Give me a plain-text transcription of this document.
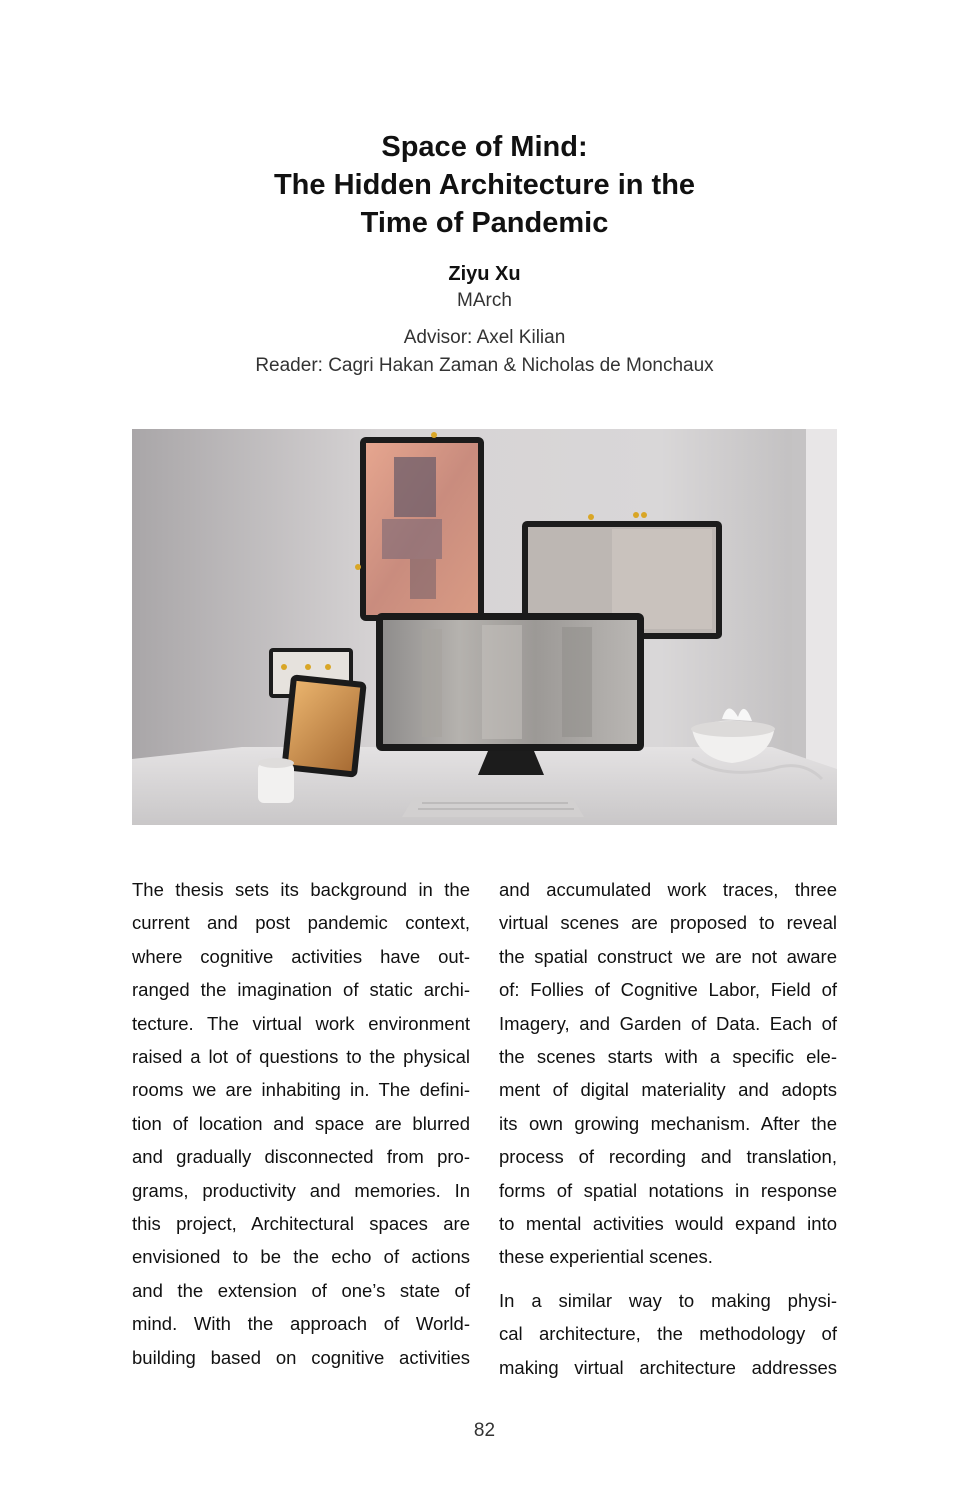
Space of Mind:
The Hidden Architecture in the
Time of Pandemic
Ziyu Xu
MArch
Advisor: Axel Kilian
Reader: Cagri Hakan Zaman & Nicholas de Monchaux
The thesis sets its background in the
current and post pandemic context,
where cognitive activities have out-
ranged the imagination of static archi-
tecture. The virtual work environment
raised a lot of questions to the physical
rooms we are inhabiting in. The defini-
tion of location and space are blurred
and gradually disconnected from pro-
grams, productivity and memories. In
this project, Architectural spaces are
envisioned to be the echo of actions
and the extension of one’s state of
mind. With the approach of World-
building based on cognitive activities
and accumulated work traces, three
virtual scenes are proposed to reveal
the spatial construct we are not aware
of: Follies of Cognitive Labor, Field of
Imagery, and Garden of Data. Each of
the scenes starts with a specific ele-
ment of digital materiality and adopts
its own growing mechanism. After the
process of recording and translation,
forms of spatial notations in response
to mental activities would expand into
these experiential scenes.
In a similar way to making physi-
cal architecture, the methodology of
making virtual architecture addresses
82
